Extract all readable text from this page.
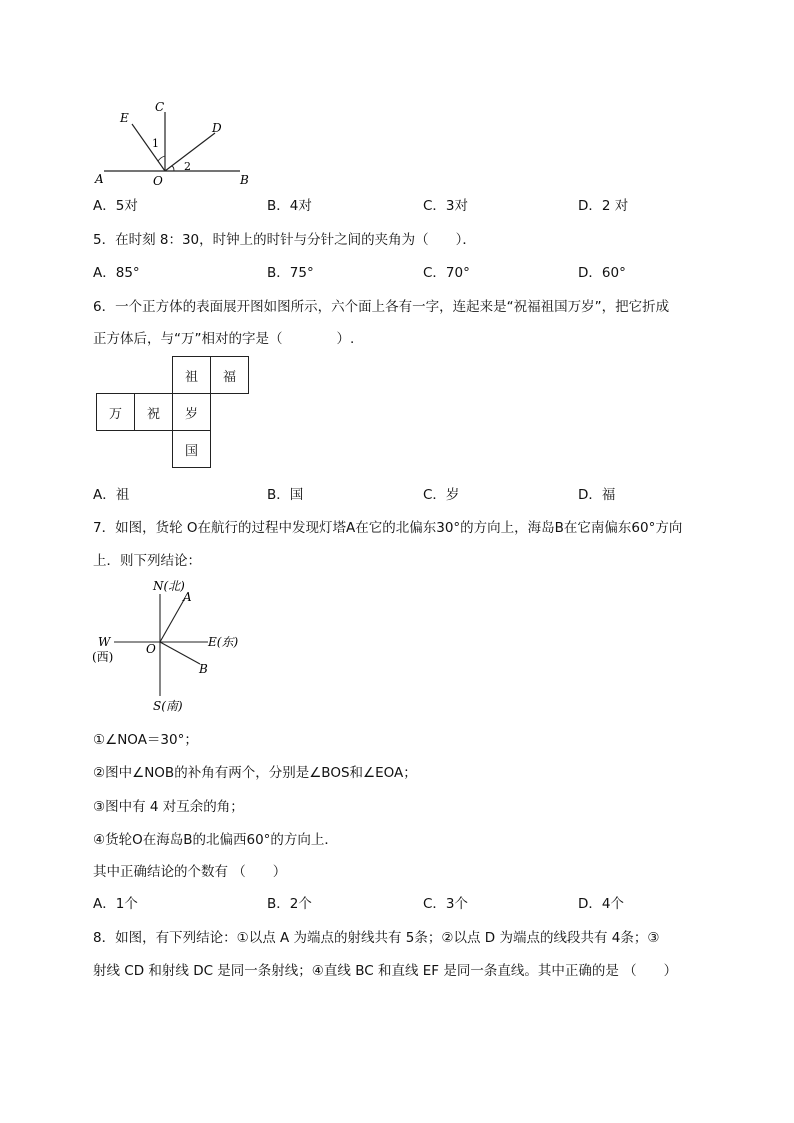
E
C
D
A	O	B
1
2
A．5对	B．4对	C．3对	D．2 对
5．在时刻 8：30，时钟上的时针与分针之间的夹角为（　　）．
A．85°	B．75°	C．70°	D．60°
6．一个正方体的表面展开图如图所示，六个面上各有一字，连起来是“祝福祖国万岁”，把它折成
正方体后，与“万”相对的字是（　　　　）.
		祖	福
万	祝	岁	
		国	
A．祖	B．国	C．岁	D．福
7．如图，货轮 O在航行的过程中发现灯塔A在它的北偏东30°的方向上，海岛B在它南偏东60°方向
上．则下列结论：
N(北)
A
W
(西)
O	E(东)
B
S(南)
①∠NOA＝30°；
②图中∠NOB的补角有两个，分别是∠BOS和∠EOA；
③图中有 4 对互余的角；
④货轮O在海岛B的北偏西60°的方向上．
其中正确结论的个数有 （　　）
A．1个	B．2个	C．3个	D．4个
8．如图，有下列结论：①以点 A 为端点的射线共有 5条；②以点 D 为端点的线段共有 4条；③
射线 CD 和射线 DC 是同一条射线；④直线 BC 和直线 EF 是同一条直线。其中正确的是 （　　）
